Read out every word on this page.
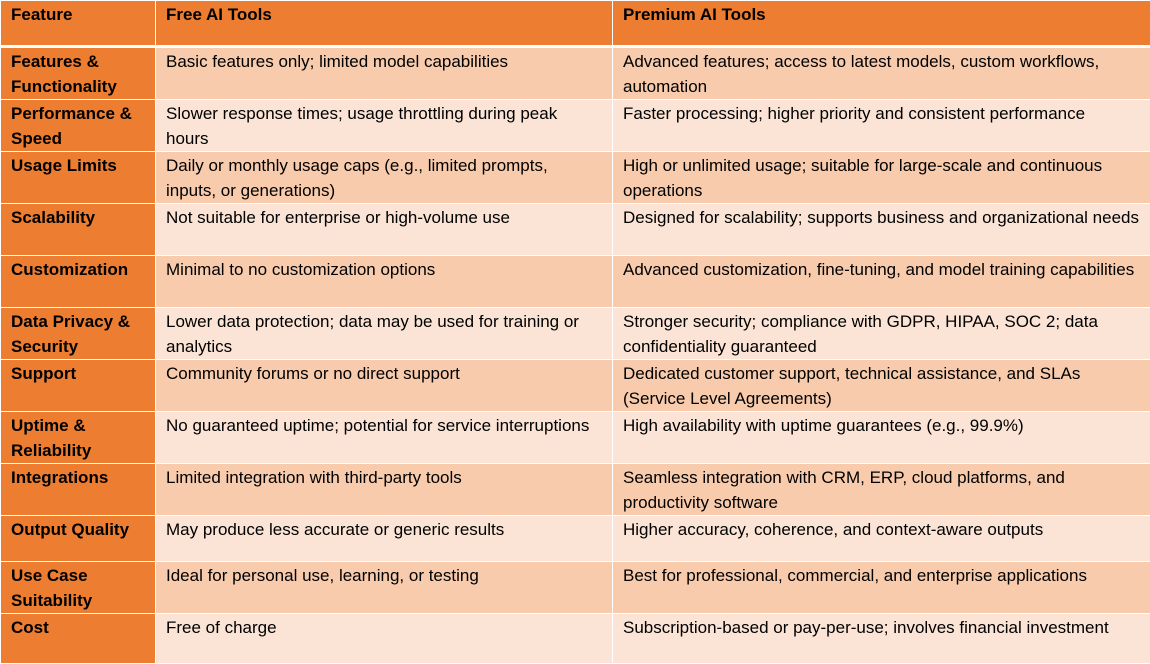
Feature	Free AI Tools	Premium AI Tools
Features & Functionality	Basic features only; limited model capabilities	Advanced features; access to latest models, custom workflows, automation
Performance & Speed	Slower response times; usage throttling during peak hours	Faster processing; higher priority and consistent performance
Usage Limits	Daily or monthly usage caps (e.g., limited prompts, inputs, or generations)	High or unlimited usage; suitable for large-scale and continuous operations
Scalability	Not suitable for enterprise or high-volume use	Designed for scalability; supports business and organizational needs
Customization	Minimal to no customization options	Advanced customization, fine-tuning, and model training capabilities
Data Privacy & Security	Lower data protection; data may be used for training or analytics	Stronger security; compliance with GDPR, HIPAA, SOC 2; data confidentiality guaranteed
Support	Community forums or no direct support	Dedicated customer support, technical assistance, and SLAs (Service Level Agreements)
Uptime & Reliability	No guaranteed uptime; potential for service interruptions	High availability with uptime guarantees (e.g., 99.9%)
Integrations	Limited integration with third-party tools	Seamless integration with CRM, ERP, cloud platforms, and productivity software
Output Quality	May produce less accurate or generic results	Higher accuracy, coherence, and context-aware outputs
Use Case Suitability	Ideal for personal use, learning, or testing	Best for professional, commercial, and enterprise applications
Cost	Free of charge	Subscription-based or pay-per-use; involves financial investment
